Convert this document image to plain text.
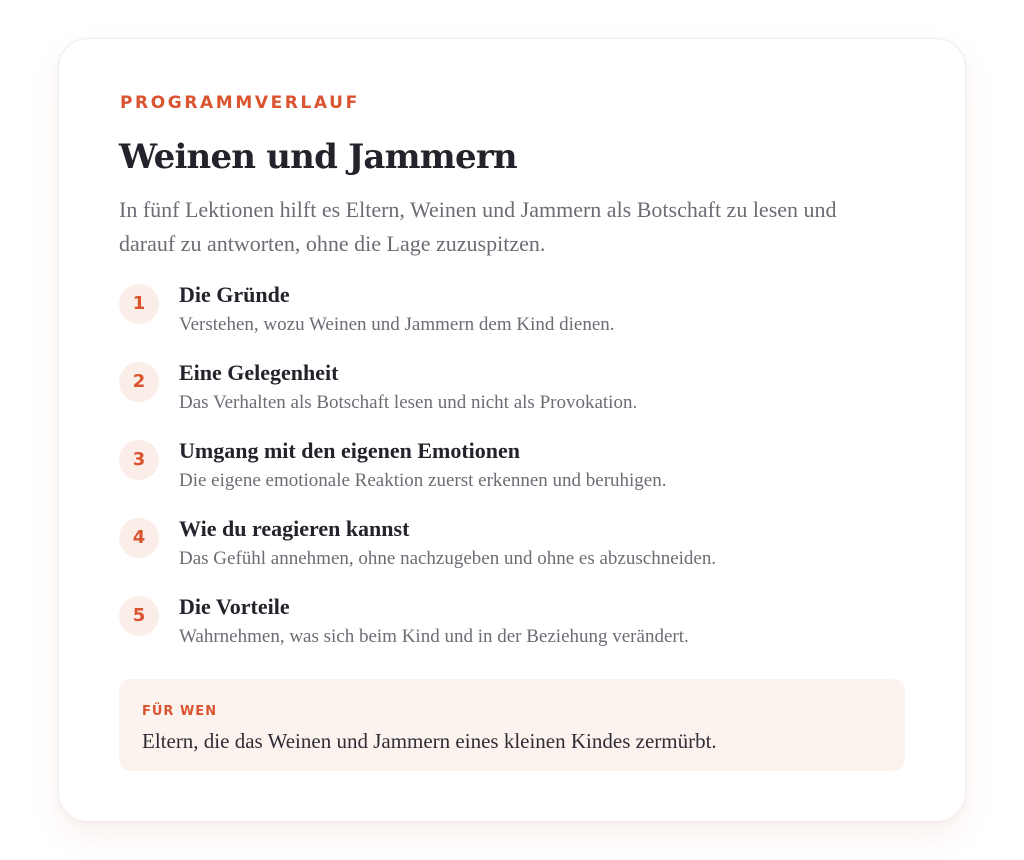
PROGRAMMVERLAUF
Weinen und Jammern

In fünf Lektionen hilft es Eltern, Weinen und Jammern als Botschaft zu lesen und darauf zu antworten, ohne die Lage zuzuspitzen.

1	Die Gründe
Verstehen, wozu Weinen und Jammern dem Kind dienen.
2	Eine Gelegenheit
Das Verhalten als Botschaft lesen und nicht als Provokation.
3	Umgang mit den eigenen Emotionen
Die eigene emotionale Reaktion zuerst erkennen und beruhigen.
4	Wie du reagieren kannst
Das Gefühl annehmen, ohne nachzugeben und ohne es abzuschneiden.
5	Die Vorteile
Wahrnehmen, was sich beim Kind und in der Beziehung verändert.
FÜR WEN
Eltern, die das Weinen und Jammern eines kleinen Kindes zermürbt.
